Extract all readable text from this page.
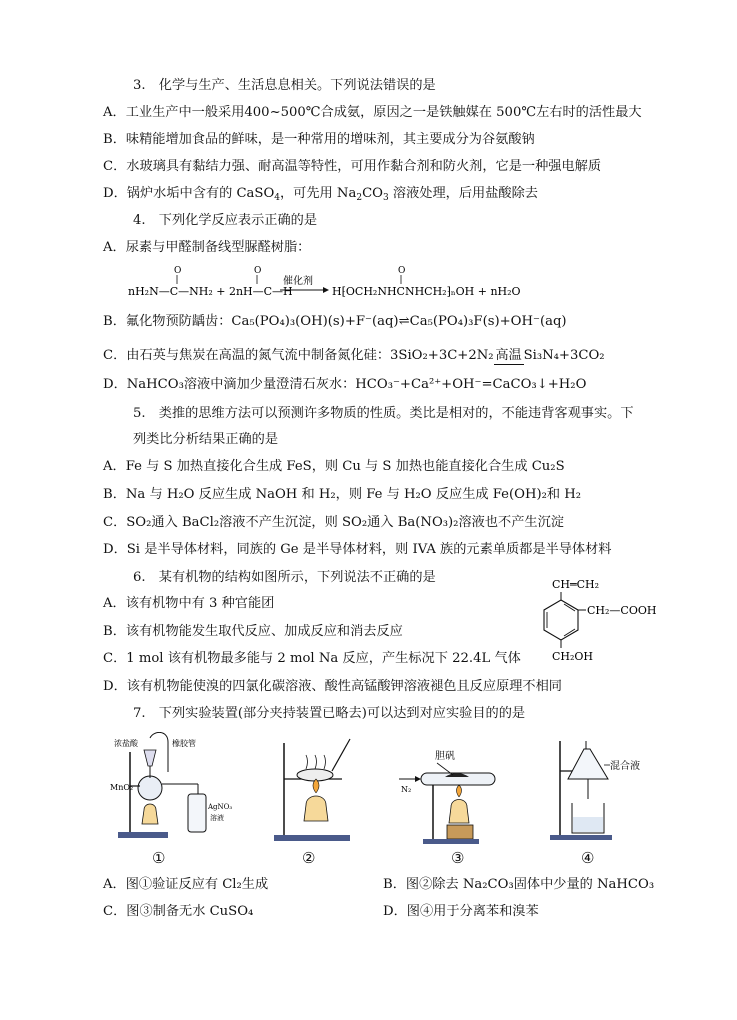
3.　化学与生产、生活息息相关。下列说法错误的是
A．工业生产中一般采用400~500℃合成氨，原因之一是铁触媒在 500℃左右时的活性最大
B．味精能增加食品的鲜味，是一种常用的增味剂，其主要成分为谷氨酸钠
C．水玻璃具有黏结力强、耐高温等特性，可用作黏合剂和防火剂，它是一种强电解质
D．锅炉水垢中含有的 CaSO$_4$，可先用 $Na_2CO_3$ 溶液处理，后用盐酸除去
4.　下列化学反应表示正确的是
A．尿素与甲醛制备线型脲醛树脂：
nH₂N—C—NH₂ + 2nH—C—H
O	O
催化剂
H⁅OCH₂NHCNHCH₂⁆ₙOH + nH₂O
O
B．氟化物预防龋齿：Ca₅(PO₄)₃(OH)(s)+F⁻(aq)⇌Ca₅(PO₄)₃F(s)+OH⁻(aq)
C．由石英与焦炭在高温的氮气流中制备氮化硅：3SiO₂+3C+2N₂ 高温 Si₃N₄+3CO₂
D．NaHCO₃溶液中滴加少量澄清石灰水：HCO₃⁻+Ca²⁺+OH⁻=CaCO₃↓+H₂O
5.　类推的思维方法可以预测许多物质的性质。类比是相对的，不能违背客观事实。下
列类比分析结果正确的是
A．Fe 与 S 加热直接化合生成 FeS，则 Cu 与 S 加热也能直接化合生成 Cu₂S
B．Na 与 H₂O 反应生成 NaOH 和 H₂，则 Fe 与 H₂O 反应生成 Fe(OH)₂和 H₂
C．SO₂通入 BaCl₂溶液不产生沉淀，则 SO₂通入 Ba(NO₃)₂溶液也不产生沉淀
D．Si 是半导体材料，同族的 Ge 是半导体材料，则 IVA 族的元素单质都是半导体材料
6.　某有机物的结构如图所示，下列说法不正确的是
A．该有机物中有 3 种官能团
B．该有机物能发生取代反应、加成反应和消去反应
C．1 mol 该有机物最多能与 2 mol Na 反应，产生标况下 22.4L 气体
D．该有机物能使溴的四氯化碳溶液、酸性高锰酸钾溶液褪色且反应原理不相同
CH═CH₂
CH₂—COOH
CH₂OH
7.　下列实验装置(部分夹持装置已略去)可以达到对应实验目的的是
浓盐酸	橡胶管
MnO₂
AgNO₃
溶液
胆矾
N₂
混合液
①	②	③	④
A．图①验证反应有 Cl₂生成	B．图②除去 Na₂CO₃固体中少量的 NaHCO₃
C．图③制备无水 CuSO₄	D．图④用于分离苯和溴苯
